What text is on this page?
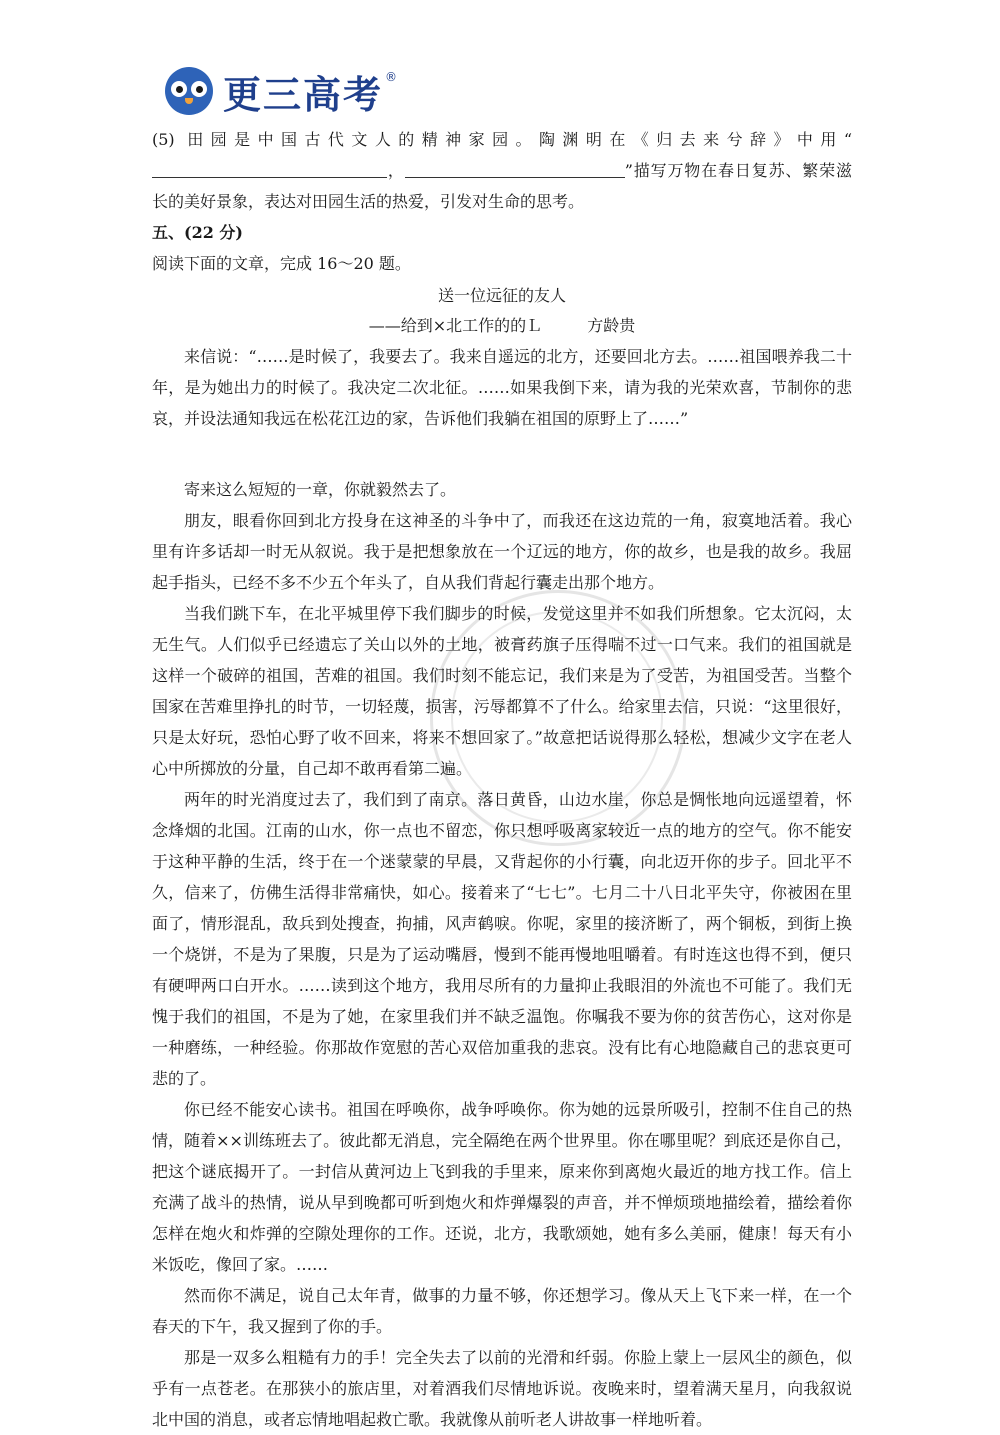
更三高考 ®
(5) 田园是中国古代文人的精神家园。陶渊明在《归去来兮辞》中用“，	”描写万物在春日复苏、繁荣滋长的美好景象，表达对田园生活的热爱，引发对生命的思考。
五、(22 分)
阅读下面的文章，完成 16～20 题。
送一位远征的友人
——给到×北工作的的Ｌ	方龄贵

来信说：“……是时候了，我要去了。我来自遥远的北方，还要回北方去。……祖国喂养我二十年，是为她出力的时候了。我决定二次北征。……如果我倒下来，请为我的光荣欢喜，节制你的悲哀，并设法通知我远在松花江边的家，告诉他们我躺在祖国的原野上了……”

寄来这么短短的一章，你就毅然去了。

朋友，眼看你回到北方投身在这神圣的斗争中了，而我还在这边荒的一角，寂寞地活着。我心里有许多话却一时无从叙说。我于是把想象放在一个辽远的地方，你的故乡，也是我的故乡。我屈起手指头，已经不多不少五个年头了，自从我们背起行囊走出那个地方。

当我们跳下车，在北平城里停下我们脚步的时候，发觉这里并不如我们所想象。它太沉闷，太无生气。人们似乎已经遗忘了关山以外的土地，被膏药旗子压得喘不过一口气来。我们的祖国就是这样一个破碎的祖国，苦难的祖国。我们时刻不能忘记，我们来是为了受苦，为祖国受苦。当整个国家在苦难里挣扎的时节，一切轻蔑，损害，污辱都算不了什么。给家里去信，只说：“这里很好，只是太好玩，恐怕心野了收不回来，将来不想回家了。”故意把话说得那么轻松，想减少文字在老人心中所掷放的分量，自己却不敢再看第二遍。

两年的时光消度过去了，我们到了南京。落日黄昏，山边水崖，你总是惆怅地向远遥望着，怀念烽烟的北国。江南的山水，你一点也不留恋，你只想呼吸离家较近一点的地方的空气。你不能安于这种平静的生活，终于在一个迷蒙蒙的早晨，又背起你的小行囊，向北迈开你的步子。回北平不久，信来了，仿佛生活得非常痛快，如心。接着来了“七七”。七月二十八日北平失守，你被困在里面了，情形混乱，敌兵到处搜查，拘捕，风声鹤唳。你呢，家里的接济断了，两个铜板，到街上换一个烧饼，不是为了果腹，只是为了运动嘴唇，慢到不能再慢地咀嚼着。有时连这也得不到，便只有硬呷两口白开水。……读到这个地方，我用尽所有的力量抑止我眼泪的外流也不可能了。我们无愧于我们的祖国，不是为了她，在家里我们并不缺乏温饱。你嘱我不要为你的贫苦伤心，这对你是一种磨练，一种经验。你那故作宽慰的苦心双倍加重我的悲哀。没有比有心地隐藏自己的悲哀更可悲的了。

你已经不能安心读书。祖国在呼唤你，战争呼唤你。你为她的远景所吸引，控制不住自己的热情，随着××训练班去了。彼此都无消息，完全隔绝在两个世界里。你在哪里呢？到底还是你自己，把这个谜底揭开了。一封信从黄河边上飞到我的手里来，原来你到离炮火最近的地方找工作。信上充满了战斗的热情，说从早到晚都可听到炮火和炸弹爆裂的声音，并不惮烦琐地描绘着，描绘着你怎样在炮火和炸弹的空隙处理你的工作。还说，北方，我歌颂她，她有多么美丽，健康！每天有小米饭吃，像回了家。……

然而你不满足，说自己太年青，做事的力量不够，你还想学习。像从天上飞下来一样，在一个春天的下午，我又握到了你的手。

那是一双多么粗糙有力的手！完全失去了以前的光滑和纤弱。你脸上蒙上一层风尘的颜色，似乎有一点苍老。在那狭小的旅店里，对着酒我们尽情地诉说。夜晚来时，望着满天星月，向我叙说北中国的消息，或者忘情地唱起救亡歌。我就像从前听老人讲故事一样地听着。
